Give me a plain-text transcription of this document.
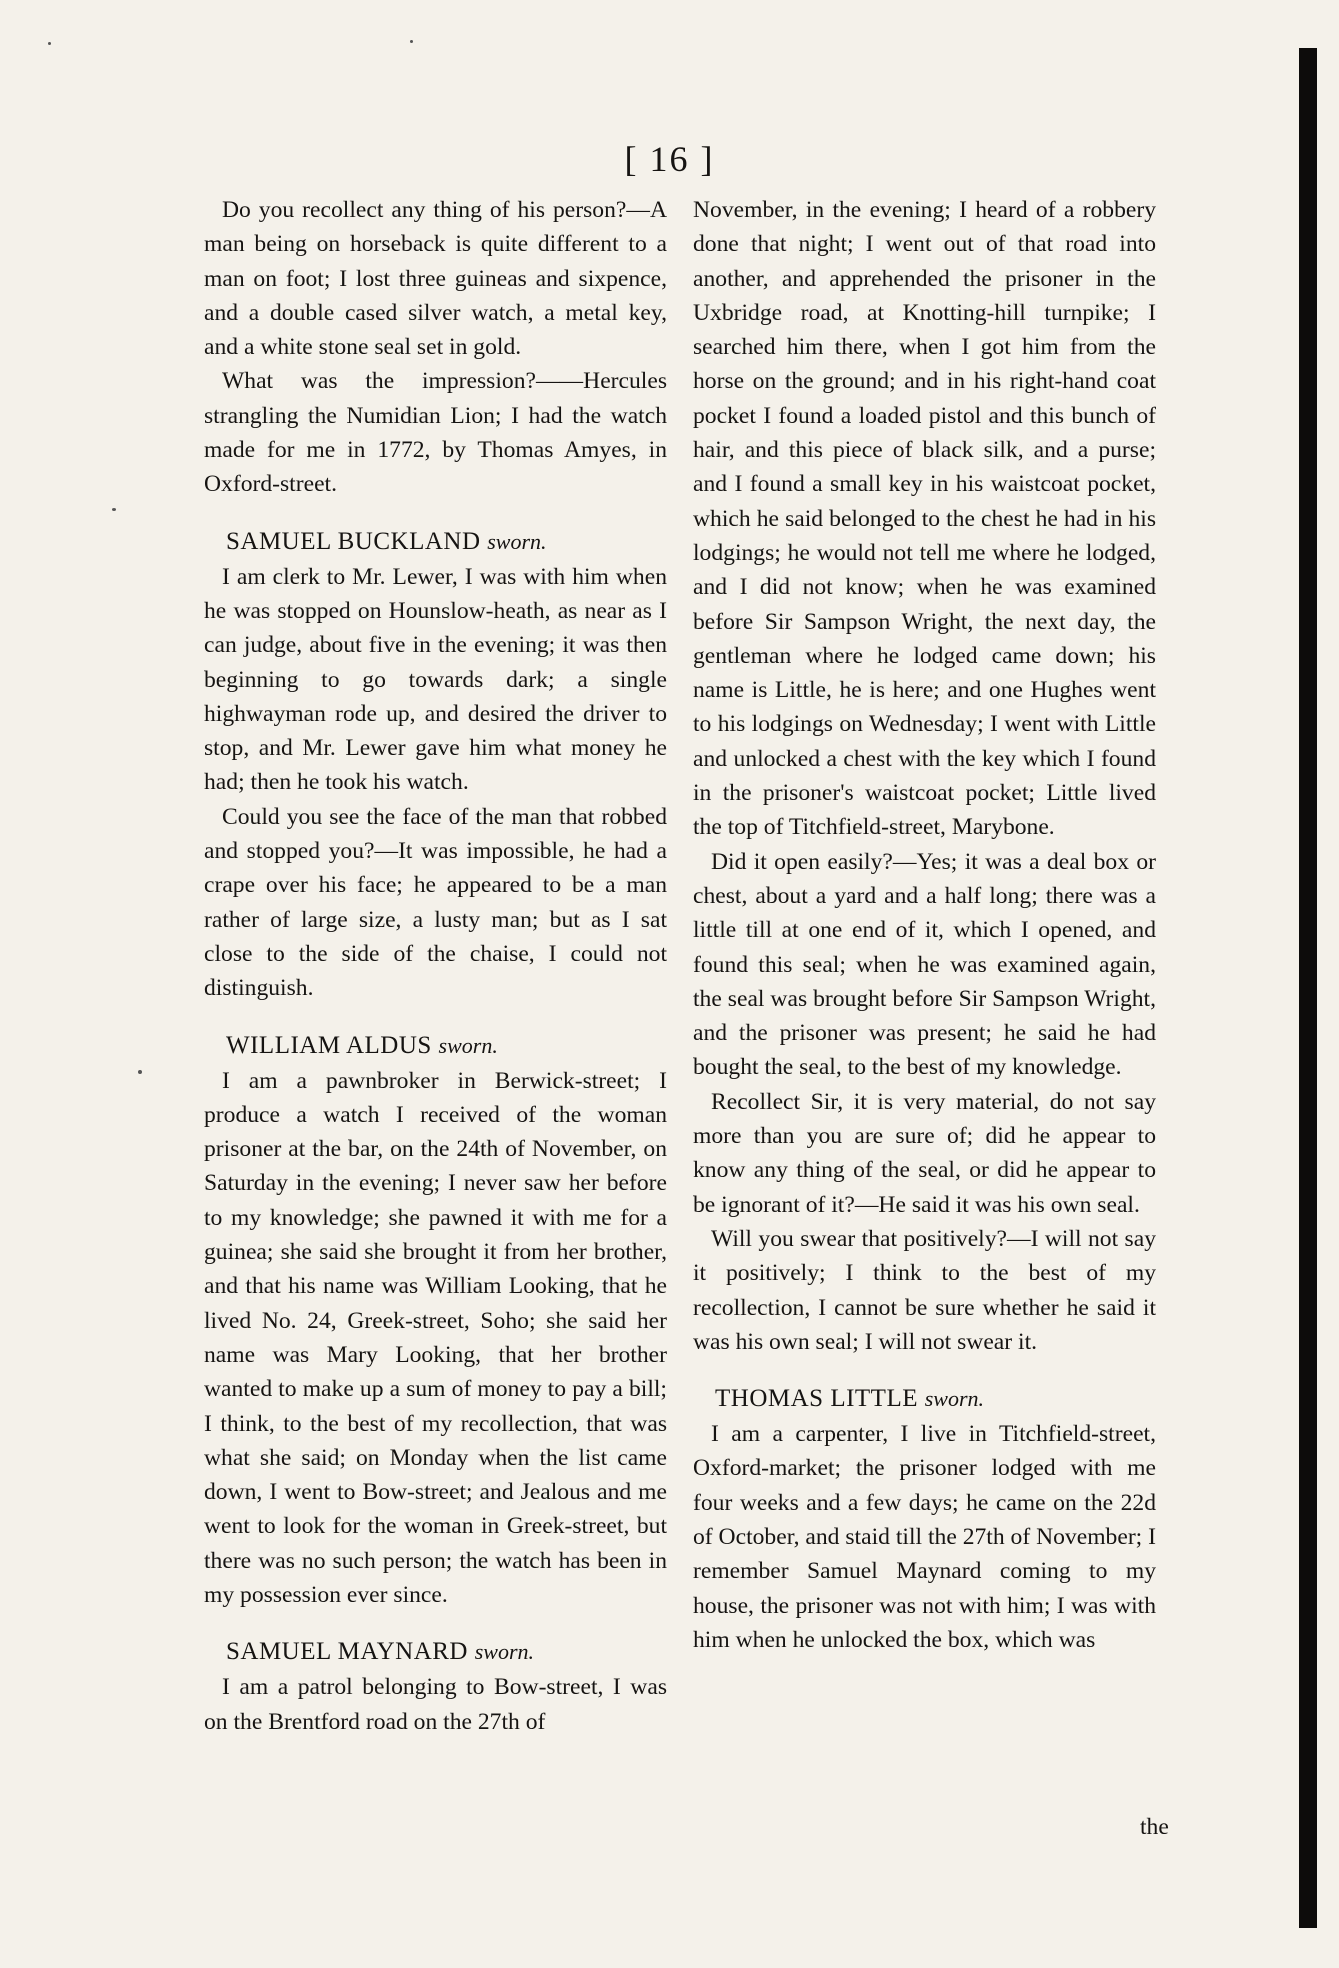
[ 16 ]

Do you recollect any thing of his person?—A man being on horseback is quite different to a man on foot; I lost three guineas and sixpence, and a double cased silver watch, a metal key, and a white stone seal set in gold.

What was the impression?——Hercules strangling the Numidian Lion; I had the watch made for me in 1772, by Thomas Amyes, in Oxford-street.

SAMUEL BUCKLAND sworn.

I am clerk to Mr. Lewer, I was with him when he was stopped on Hounslow-heath, as near as I can judge, about five in the evening; it was then beginning to go towards dark; a single highwayman rode up, and desired the driver to stop, and Mr. Lewer gave him what money he had; then he took his watch.

Could you see the face of the man that robbed and stopped you?—It was impossible, he had a crape over his face; he appeared to be a man rather of large size, a lusty man; but as I sat close to the side of the chaise, I could not distinguish.

WILLIAM ALDUS sworn.

I am a pawnbroker in Berwick-street; I produce a watch I received of the woman prisoner at the bar, on the 24th of November, on Saturday in the evening; I never saw her before to my knowledge; she pawned it with me for a guinea; she said she brought it from her brother, and that his name was William Looking, that he lived No. 24, Greek-street, Soho; she said her name was Mary Looking, that her brother wanted to make up a sum of money to pay a bill; I think, to the best of my recollection, that was what she said; on Monday when the list came down, I went to Bow-street; and Jealous and me went to look for the woman in Greek-street, but there was no such person; the watch has been in my possession ever since.

SAMUEL MAYNARD sworn.

I am a patrol belonging to Bow-street, I was on the Brentford road on the 27th of

November, in the evening; I heard of a robbery done that night; I went out of that road into another, and apprehended the prisoner in the Uxbridge road, at Knotting-hill turnpike; I searched him there, when I got him from the horse on the ground; and in his right-hand coat pocket I found a loaded pistol and this bunch of hair, and this piece of black silk, and a purse; and I found a small key in his waistcoat pocket, which he said belonged to the chest he had in his lodgings; he would not tell me where he lodged, and I did not know; when he was examined before Sir Sampson Wright, the next day, the gentleman where he lodged came down; his name is Little, he is here; and one Hughes went to his lodgings on Wednesday; I went with Little and unlocked a chest with the key which I found in the prisoner's waistcoat pocket; Little lived the top of Titchfield-street, Marybone.

Did it open easily?—Yes; it was a deal box or chest, about a yard and a half long; there was a little till at one end of it, which I opened, and found this seal; when he was examined again, the seal was brought before Sir Sampson Wright, and the prisoner was present; he said he had bought the seal, to the best of my knowledge.

Recollect Sir, it is very material, do not say more than you are sure of; did he appear to know any thing of the seal, or did he appear to be ignorant of it?—He said it was his own seal.

Will you swear that positively?—I will not say it positively; I think to the best of my recollection, I cannot be sure whether he said it was his own seal; I will not swear it.

THOMAS LITTLE sworn.

I am a carpenter, I live in Titchfield-street, Oxford-market; the prisoner lodged with me four weeks and a few days; he came on the 22d of October, and staid till the 27th of November; I remember Samuel Maynard coming to my house, the prisoner was not with him; I was with him when he unlocked the box, which was

the
